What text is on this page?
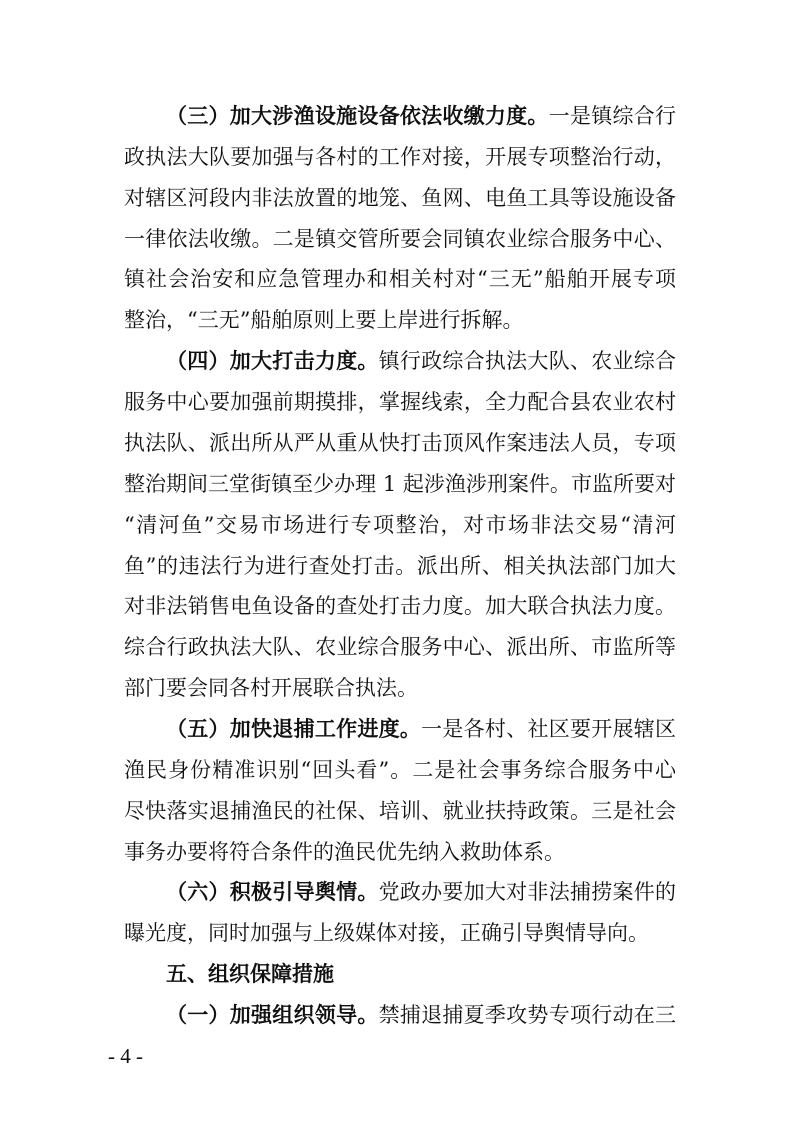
（三）加大涉渔设施设备依法收缴力度。一是镇综合行
政执法大队要加强与各村的工作对接，开展专项整治行动，
对辖区河段内非法放置的地笼、鱼网、电鱼工具等设施设备
一律依法收缴。二是镇交管所要会同镇农业综合服务中心、
镇社会治安和应急管理办和相关村对“三无”船舶开展专项
整治，“三无”船舶原则上要上岸进行拆解。
（四）加大打击力度。镇行政综合执法大队、农业综合
服务中心要加强前期摸排，掌握线索，全力配合县农业农村
执法队、派出所从严从重从快打击顶风作案违法人员，专项
整治期间三堂街镇至少办理 1 起涉渔涉刑案件。市监所要对
“清河鱼”交易市场进行专项整治，对市场非法交易“清河
鱼”的违法行为进行查处打击。派出所、相关执法部门加大
对非法销售电鱼设备的查处打击力度。加大联合执法力度。
综合行政执法大队、农业综合服务中心、派出所、市监所等
部门要会同各村开展联合执法。
（五）加快退捕工作进度。一是各村、社区要开展辖区
渔民身份精准识别“回头看”。二是社会事务综合服务中心
尽快落实退捕渔民的社保、培训、就业扶持政策。三是社会
事务办要将符合条件的渔民优先纳入救助体系。
（六）积极引导舆情。党政办要加大对非法捕捞案件的
曝光度，同时加强与上级媒体对接，正确引导舆情导向。
五、组织保障措施
（一）加强组织领导。禁捕退捕夏季攻势专项行动在三
- 4 -
